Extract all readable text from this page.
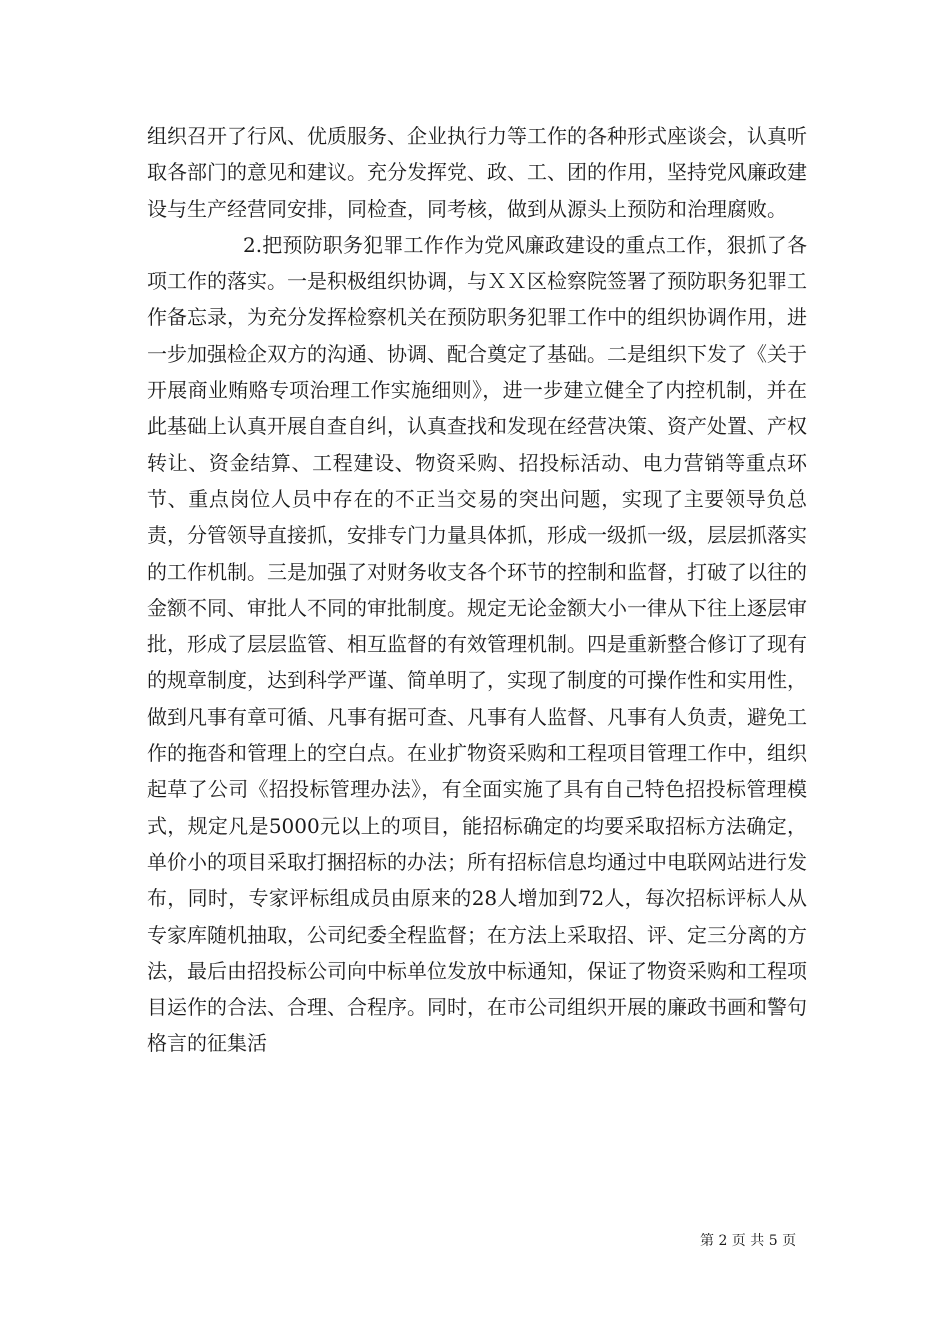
组织召开了行风、优质服务、企业执行力等工作的各种形式座谈会，认真听取各部门的意见和建议。充分发挥党、政、工、团的作用，坚持党风廉政建设与生产经营同安排，同检查，同考核，做到从源头上预防和治理腐败。

2.把预防职务犯罪工作作为党风廉政建设的重点工作，狠抓了各项工作的落实。一是积极组织协调，与ＸＸ区检察院签署了预防职务犯罪工作备忘录，为充分发挥检察机关在预防职务犯罪工作中的组织协调作用，进一步加强检企双方的沟通、协调、配合奠定了基础。二是组织下发了《关于开展商业贿赂专项治理工作实施细则》，进一步建立健全了内控机制，并在此基础上认真开展自查自纠，认真查找和发现在经营决策、资产处置、产权转让、资金结算、工程建设、物资采购、招投标活动、电力营销等重点环节、重点岗位人员中存在的不正当交易的突出问题，实现了主要领导负总责，分管领导直接抓，安排专门力量具体抓，形成一级抓一级，层层抓落实的工作机制。三是加强了对财务收支各个环节的控制和监督，打破了以往的金额不同、审批人不同的审批制度。规定无论金额大小一律从下往上逐层审批，形成了层层监管、相互监督的有效管理机制。四是重新整合修订了现有的规章制度，达到科学严谨、简单明了，实现了制度的可操作性和实用性，做到凡事有章可循、凡事有据可查、凡事有人监督、凡事有人负责，避免工作的拖沓和管理上的空白点。在业扩物资采购和工程项目管理工作中，组织起草了公司《招投标管理办法》，有全面实施了具有自己特色招投标管理模式，规定凡是5000元以上的项目，能招标确定的均要采取招标方法确定，单价小的项目采取打捆招标的办法；所有招标信息均通过中电联网站进行发布，同时，专家评标组成员由原来的28人增加到72人，每次招标评标人从专家库随机抽取，公司纪委全程监督；在方法上采取招、评、定三分离的方法，最后由招投标公司向中标单位发放中标通知，保证了物资采购和工程项目运作的合法、合理、合程序。同时，在市公司组织开展的廉政书画和警句格言的征集活

第 2 页 共 5 页
